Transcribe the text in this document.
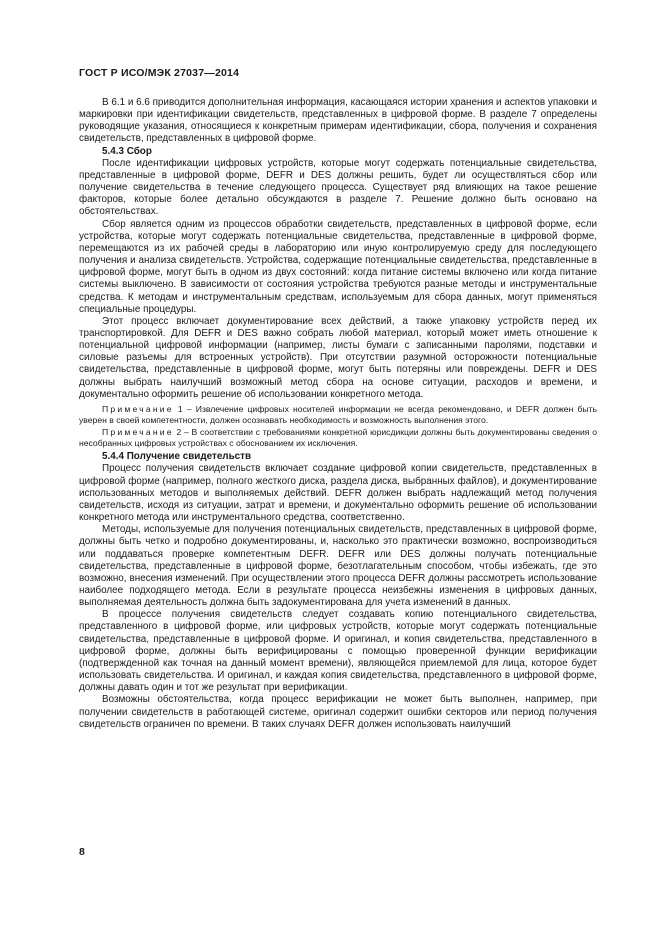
ГОСТ Р ИСО/МЭК 27037—2014

В 6.1 и 6.6 приводится дополнительная информация, касающаяся истории хранения и аспектов упаковки и маркировки при идентификации свидетельств, представленных в цифровой форме. В разделе 7 определены руководящие указания, относящиеся к конкретным примерам идентификации, сбора, получения и сохранения свидетельств, представленных в цифровой форме.

5.4.3 Сбор

После идентификации цифровых устройств, которые могут содержать потенциальные свидетельства, представленные в цифровой форме, DEFR и DES должны решить, будет ли осуществляться сбор или получение свидетельства в течение следующего процесса. Существует ряд влияющих на такое решение факторов, которые более детально обсуждаются в разделе 7. Решение должно быть основано на обстоятельствах.

Сбор является одним из процессов обработки свидетельств, представленных в цифровой форме, если устройства, которые могут содержать потенциальные свидетельства, представленные в цифровой форме, перемещаются из их рабочей среды в лабораторию или иную контролируемую среду для последующего получения и анализа свидетельств. Устройства, содержащие потенциальные свидетельства, представленные в цифровой форме, могут быть в одном из двух состояний: когда питание системы включено или когда питание системы выключено. В зависимости от состояния устройства требуются разные методы и инструментальные средства. К методам и инструментальным средствам, используемым для сбора данных, могут применяться специальные процедуры.

Этот процесс включает документирование всех действий, а также упаковку устройств перед их транспортировкой. Для DEFR и DES важно собрать любой материал, который может иметь отношение к потенциальной цифровой информации (например, листы бумаги с записанными паролями, подставки и силовые разъемы для встроенных устройств). При отсутствии разумной осторожности потенциальные свидетельства, представленные в цифровой форме, могут быть потеряны или повреждены. DEFR и DES должны выбрать наилучший возможный метод сбора на основе ситуации, расходов и времени, и документально оформить решение об использовании конкретного метода.

Примечание 1 – Извлечение цифровых носителей информации не всегда рекомендовано, и DEFR должен быть уверен в своей компетентности, должен осознавать необходимость и возможность выполнения этого.
Примечание 2 – В соответствии с требованиями конкретной юрисдикции должны быть документированы сведения о несобранных цифровых устройствах с обоснованием их исключения.
5.4.4 Получение свидетельств

Процесс получения свидетельств включает создание цифровой копии свидетельств, представленных в цифровой форме (например, полного жесткого диска, раздела диска, выбранных файлов), и документирование использованных методов и выполняемых действий. DEFR должен выбрать надлежащий метод получения свидетельств, исходя из ситуации, затрат и времени, и документально оформить решение об использовании конкретного метода или инструментального средства, соответственно.

Методы, используемые для получения потенциальных свидетельств, представленных в цифровой форме, должны быть четко и подробно документированы, и, насколько это практически возможно, воспроизводиться или поддаваться проверке компетентным DEFR. DEFR или DES должны получать потенциальные свидетельства, представленные в цифровой форме, безотлагательным способом, чтобы избежать, где это возможно, внесения изменений. При осуществлении этого процесса DEFR должны рассмотреть использование наиболее подходящего метода. Если в результате процесса неизбежны изменения в цифровых данных, выполняемая деятельность должна быть задокументирована для учета изменений в данных.

В процессе получения свидетельств следует создавать копию потенциального свидетельства, представленного в цифровой форме, или цифровых устройств, которые могут содержать потенциальные свидетельства, представленные в цифровой форме. И оригинал, и копия свидетельства, представленного в цифровой форме, должны быть верифицированы с помощью проверенной функции верификации (подтвержденной как точная на данный момент времени), являющейся приемлемой для лица, которое будет использовать свидетельства. И оригинал, и каждая копия свидетельства, представленного в цифровой форме, должны давать один и тот же результат при верификации.

Возможны обстоятельства, когда процесс верификации не может быть выполнен, например, при получении свидетельств в работающей системе, оригинал содержит ошибки секторов или период получения свидетельств ограничен по времени. В таких случаях DEFR должен использовать наилучший

8
